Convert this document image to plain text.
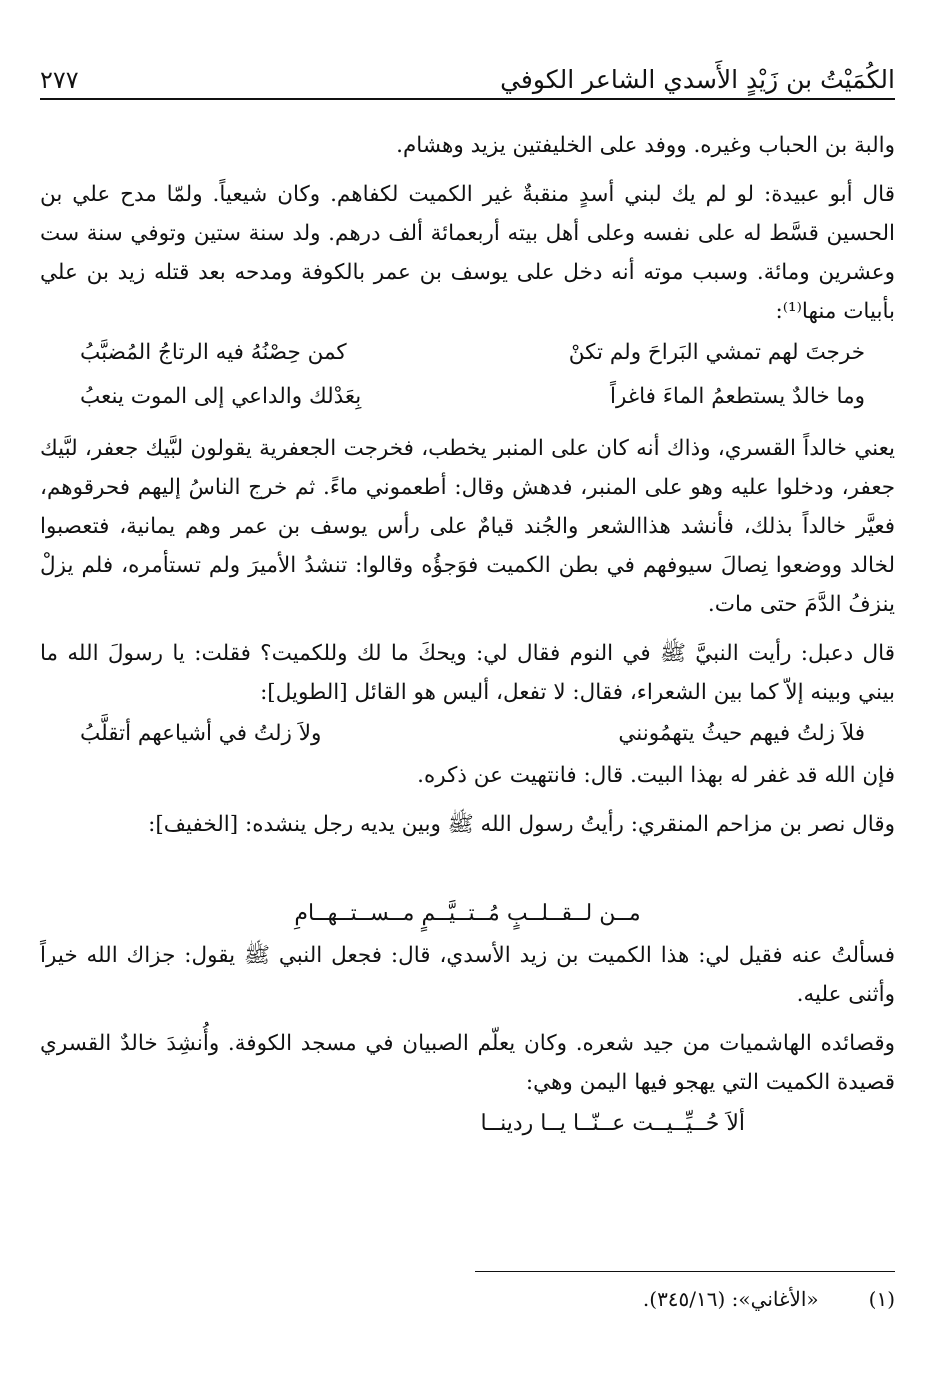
الكُمَيْتُ بن زَيْدٍ الأَسدي الشاعر الكوفي
٢٧٧

والبة بن الحباب وغيره. ووفد على الخليفتين يزيد وهشام.

قال أبو عبيدة: لو لم يك لبني أسدٍ منقبةٌ غير الكميت لكفاهم. وكان شيعياً. ولمّا مدح علي بن الحسين قسَّط له على نفسه وعلى أهل بيته أربعمائة ألف درهم. ولد سنة ستين وتوفي سنة ست وعشرين ومائة. وسبب موته أنه دخل على يوسف بن عمر بالكوفة ومدحه بعد قتله زيد بن علي بأبيات منها⁽¹⁾:

خرجتَ لهم تمشي البَراحَ ولم تكنْ
كمن حِصْنُهُ فيه الرتاجُ المُضبَّبُ
وما خالدٌ يستطعمُ الماءَ فاغراً
بِعَدْلك والداعي إلى الموت ينعبُ

يعني خالداً القسري، وذاك أنه كان على المنبر يخطب، فخرجت الجعفرية يقولون لبَّيك جعفر، لبَّيك جعفر، ودخلوا عليه وهو على المنبر، فدهش وقال: أطعموني ماءً. ثم خرج الناسُ إليهم فحرقوهم، فعيَّر خالداً بذلك، فأنشد هذاالشعر والجُند قيامٌ على رأس يوسف بن عمر وهم يمانية، فتعصبوا لخالد ووضعوا نِصالَ سيوفهم في بطن الكميت فوَجؤُه وقالوا: تنشدُ الأميرَ ولم تستأمره، فلم يزلْ ينزفُ الدَّمَ حتى مات.

قال دعبل: رأيت النبيَّ ﷺ في النوم فقال لي: ويحكَ ما لك وللكميت؟ فقلت: يا رسولَ الله ما بيني وبينه إلاّ كما بين الشعراء، فقال: لا تفعل، أليس هو القائل [الطويل]:

فلاَ زلتُ فيهم حيثُ يتهمُونني
ولاَ زلتُ في أشياعهم أتقلَّبُ

فإن الله قد غفر له بهذا البيت. قال: فانتهيت عن ذكره.

وقال نصر بن مزاحم المنقري: رأيتُ رسول الله ﷺ وبين يديه رجل ينشده: [الخفيف]:

مــن لــقــلــبٍ مُــتــيَّــمٍ مــســتــهــامِ

فسألتُ عنه فقيل لي: هذا الكميت بن زيد الأسدي، قال: فجعل النبي ﷺ يقول: جزاك الله خيراً وأثنى عليه.

وقصائده الهاشميات من جيد شعره. وكان يعلّم الصبيان في مسجد الكوفة. وأُنشِدَ خالدٌ القسري قصيدة الكميت التي يهجو فيها اليمن وهي:

ألاَ حُــيِّــيــت عــنّــا يــا ردينــا
(١) «الأغاني»: (٣٤٥/١٦).
